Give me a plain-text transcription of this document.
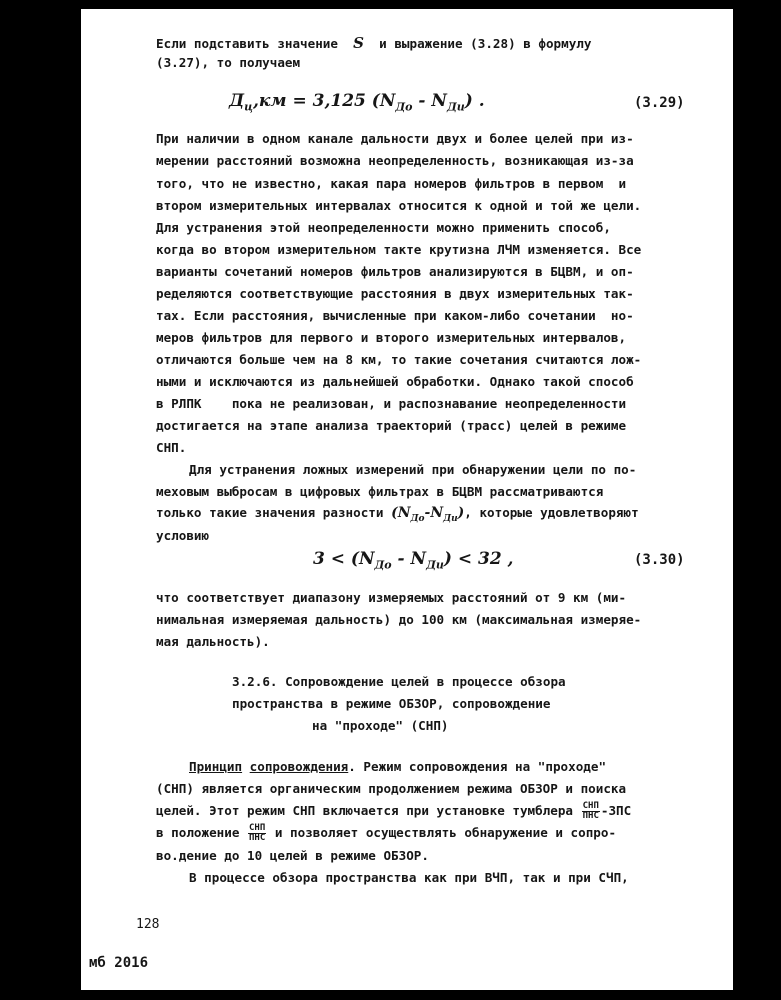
Если подставить значение S и выражение (3.28) в формулу
(3.27), то получаем
$Д_ц,км = 3,125$ $(N_{До} - N_{Ди})$ .	(3.29)
При наличии в одном канале дальности двух и более целей при из-
мерении расстояний возможна неопределенность, возникающая из-за
того, что не известно, какая пара номеров фильтров в первом  и
втором измерительных интервалах относится к одной и той же цели.
Для устранения этой неопределенности можно применить способ,
когда во втором измерительном такте крутизна ЛЧМ изменяется. Все
варианты сочетаний номеров фильтров анализируются в БЦВМ, и оп-
ределяются соответствующие расстояния в двух измерительных так-
тах. Если расстояния, вычисленные при каком-либо сочетании  но-
меров фильтров для первого и второго измерительных интервалов,
отличаются больше чем на 8 км, то такие сочетания считаются лож-
ными и исключаются из дальнейшей обработки. Однако такой способ
в РЛПК    пока не реализован, и распознавание неопределенности
достигается на этапе анализа траекторий (трасс) целей в режиме
СНП.
Для устранения ложных измерений при обнаружении цели по по-
меховым выбросам в цифровых фильтрах в БЦВМ рассматриваются
только такие значения разности $(N_{До}-N_{Ди})$, которые удовлетворяют
условию
$3 < (N_{До} - N_{Ди}) < 32$ ,	(3.30)
что соответствует диапазону измеряемых расстояний от 9 км (ми-
нимальная измеряемая дальность) до 100 км (максимальная измеряе-
мая дальность).
3.2.6. Сопровождение целей в процессе обзора
пространства в режиме ОБЗОР, сопровождение
на "проходе" (СНП)
Принцип сопровождения. Режим сопровождения на "проходе"
(СНП) является органическим продолжением режима ОБЗОР и поиска
целей. Этот режим СНП включается при установке тумблера $\frac{\text{СНП}}{\text{ПНС}} -ЗПС$
в положение $\frac{\text{СНП}}{\text{ПНС}}$ и позволяет осуществлять обнаружение и сопро-
во.дение до 10 целей в режиме ОБЗОР.
В процессе обзора пространства как при ВЧП, так и при СЧП,
128
мб 2016
